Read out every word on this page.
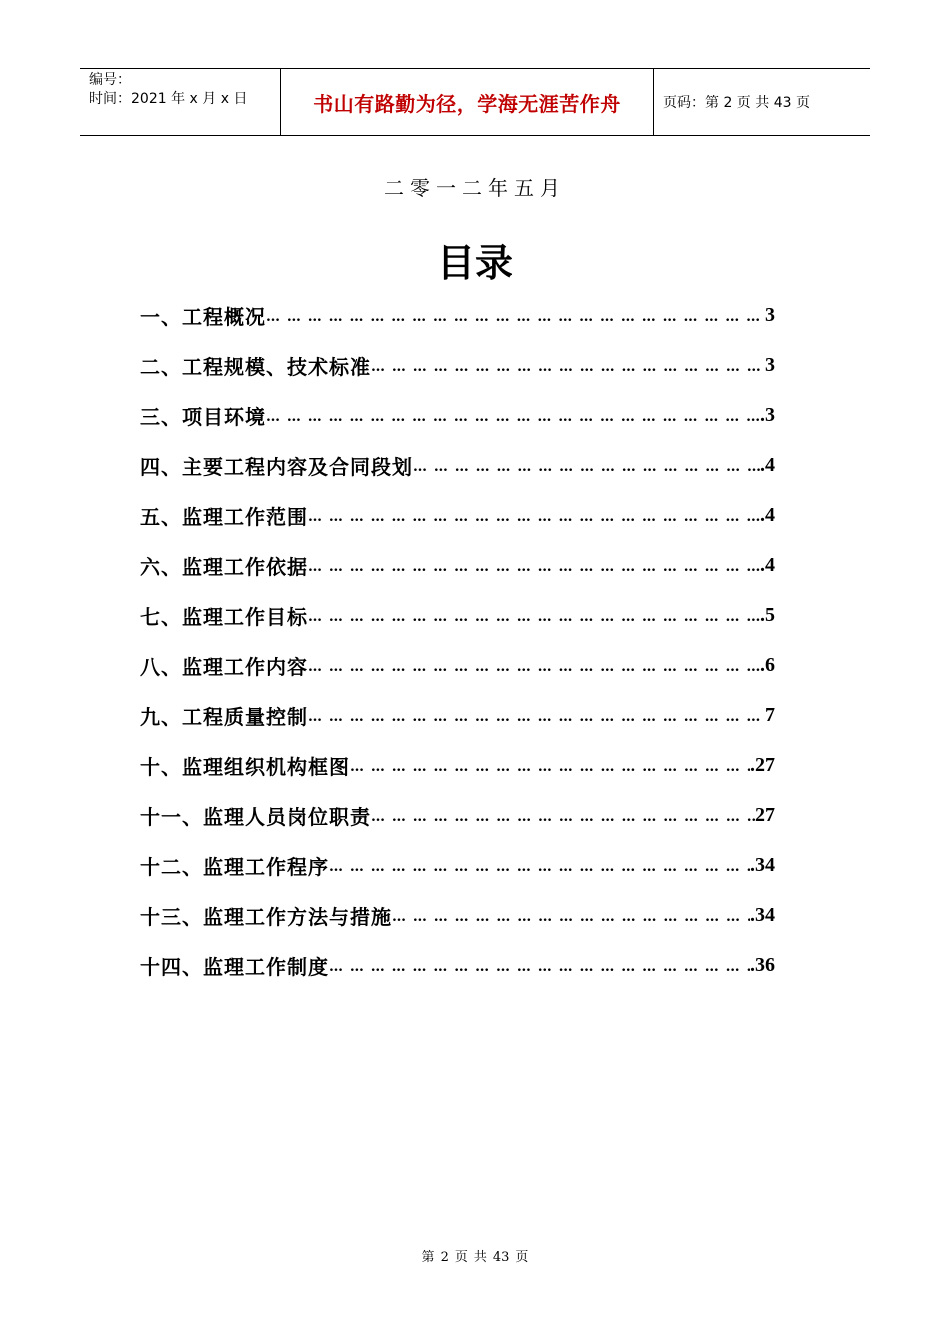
编号：
时间：2021 年 x 月 x 日	书山有路勤为径，学海无涯苦作舟	页码：第 2 页 共 43 页
二零一二年五月
目录
一、工程概况 … … … … … … … … … … … … … … … … … … … … … … … … … … … … … … … … … … … … … … … … …	3
二、工程规模、技术标准 … … … … … … … … … … … … … … … … … … … … … … … … … … … … … … … … … … … … … … … … …	3
三、项目环境 … … … … … … … … … … … … … … … … … … … … … … … … … … … … … … … … … … … … … … … … …	.3
四、主要工程内容及合同段划 … … … … … … … … … … … … … … … … … … … … … … … … … … … … … … … … … … … … … … … … …	.4
五、监理工作范围 … … … … … … … … … … … … … … … … … … … … … … … … … … … … … … … … … … … … … … … … …	.4
六、监理工作依据 … … … … … … … … … … … … … … … … … … … … … … … … … … … … … … … … … … … … … … … … …	.4
七、监理工作目标 … … … … … … … … … … … … … … … … … … … … … … … … … … … … … … … … … … … … … … … … …	.5
八、监理工作内容 … … … … … … … … … … … … … … … … … … … … … … … … … … … … … … … … … … … … … … … … …	.6
九、工程质量控制 … … … … … … … … … … … … … … … … … … … … … … … … … … … … … … … … … … … … … … … … …	7
十、监理组织机构框图 … … … … … … … … … … … … … … … … … … … … … … … … … … … … … … … … … … … … … … … … …	.27
十一、监理人员岗位职责 … … … … … … … … … … … … … … … … … … … … … … … … … … … … … … … … … … … … … … … … …	27
十二、监理工作程序 … … … … … … … … … … … … … … … … … … … … … … … … … … … … … … … … … … … … … … … … …	.34
十三、监理工作方法与措施 … … … … … … … … … … … … … … … … … … … … … … … … … … … … … … … … … … … … … … … … …	.34
十四、监理工作制度 … … … … … … … … … … … … … … … … … … … … … … … … … … … … … … … … … … … … … … … … …	.36
第 2 页 共 43 页
